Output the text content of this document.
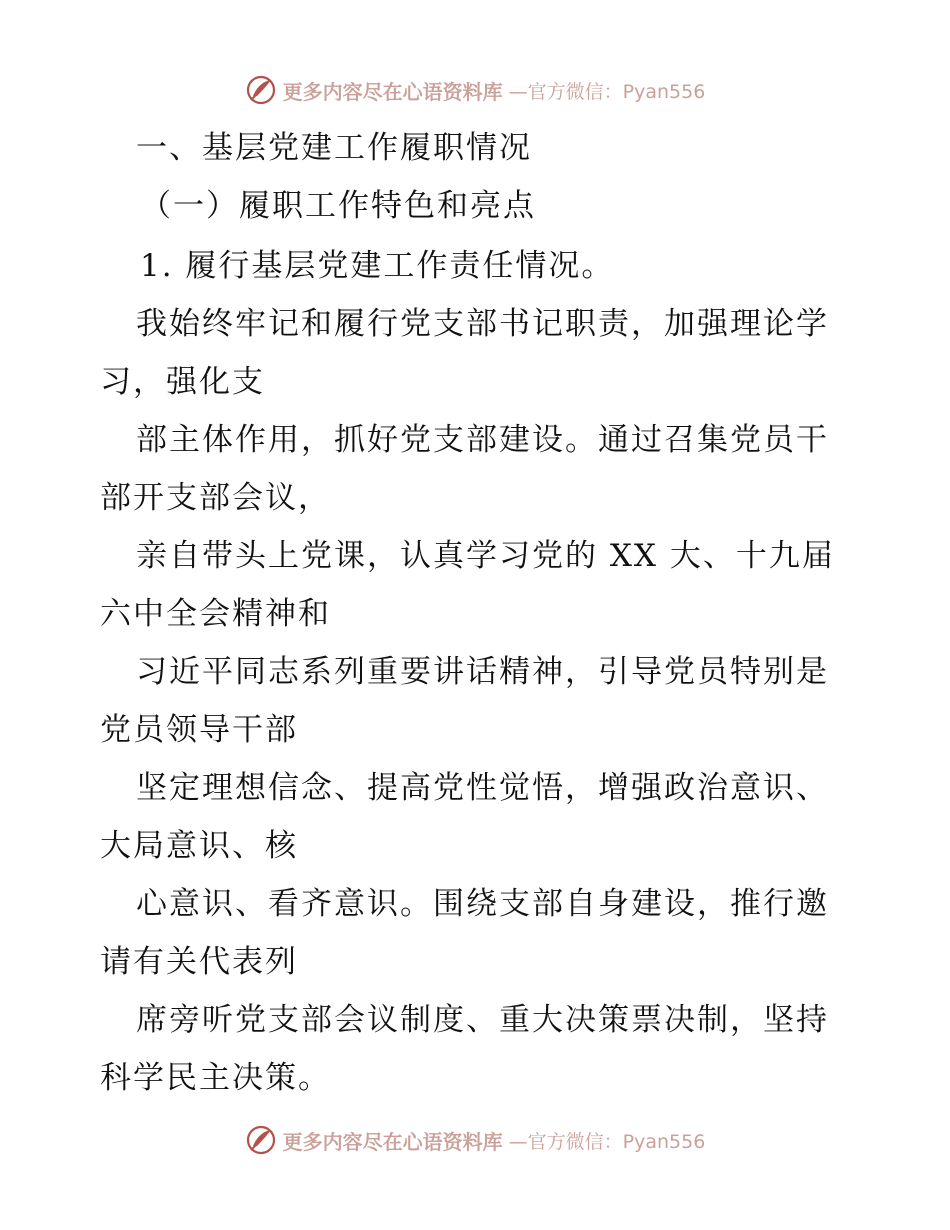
更多内容尽在心语资料库 —官方微信：Pyan556
一、基层党建工作履职情况
（一）履职工作特色和亮点
1. 履行基层党建工作责任情况。
我始终牢记和履行党支部书记职责，加强理论学
习，强化支
部主体作用，抓好党支部建设。通过召集党员干
部开支部会议，
亲自带头上党课，认真学习党的 XX 大、十九届
六中全会精神和
习近平同志系列重要讲话精神，引导党员特别是
党员领导干部
坚定理想信念、提高党性觉悟，增强政治意识、
大局意识、核
心意识、看齐意识。围绕支部自身建设，推行邀
请有关代表列
席旁听党支部会议制度、重大决策票决制，坚持
科学民主决策。
更多内容尽在心语资料库 —官方微信：Pyan556
